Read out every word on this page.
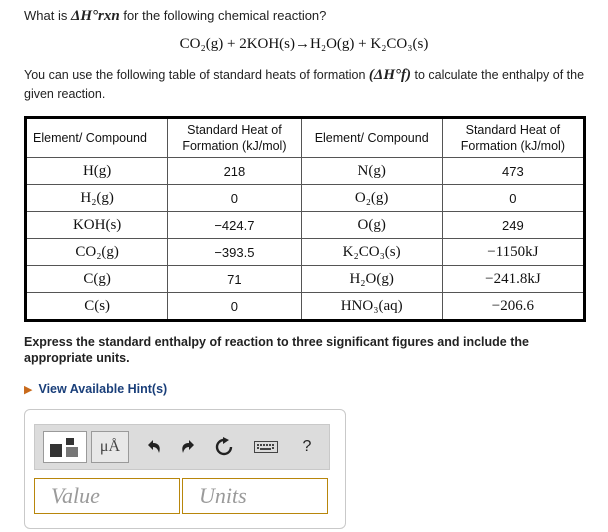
What is ΔH°rxn for the following chemical reaction?
CO₂(g) + 2KOH(s)→H₂O(g) + K₂CO₃(s)
You can use the following table of standard heats of formation (ΔH°f) to calculate the enthalpy of the given reaction.
Element/ Compound	Standard Heat of Formation (kJ/mol)	Element/ Compound	Standard Heat of Formation (kJ/mol)
H(g)	218	N(g)	473
H₂(g)	0	O₂(g)	0
KOH(s)	−424.7	O(g)	249
CO₂(g)	−393.5	K₂CO₃(s)	−1150kJ
C(g)	71	H₂O(g)	−241.8kJ
C(s)	0	HNO₃(aq)	−206.6
Express the standard enthalpy of reaction to three significant figures and include the appropriate units.
▶ View Available Hint(s)
μÅ	?
Value	Units
